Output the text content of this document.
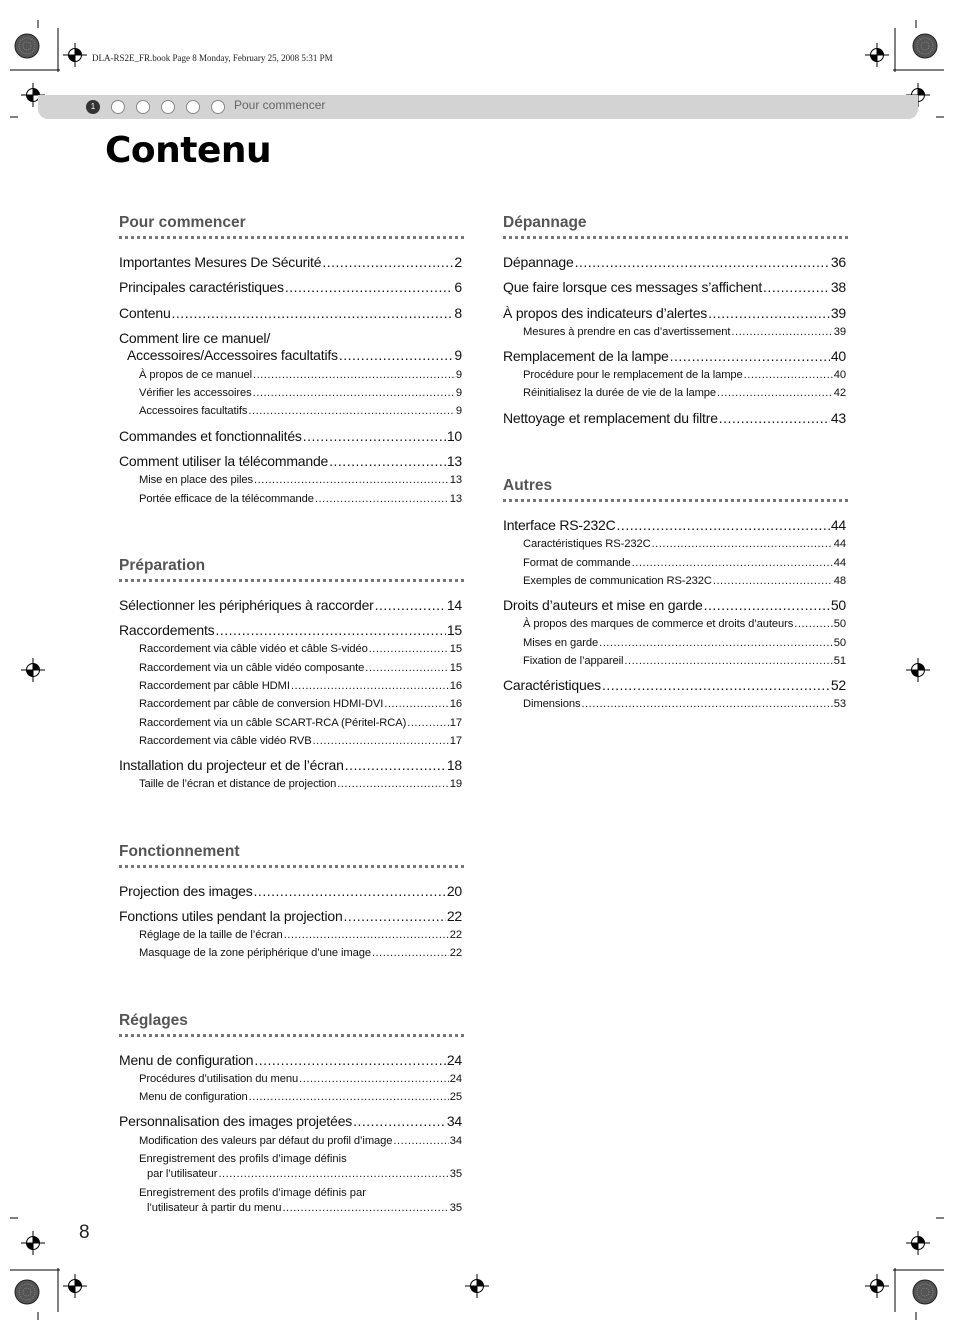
DLA-RS2E_FR.book Page 8 Monday, February 25, 2008 5:31 PM
1	Pour commencer
Contenu
Pour commencer
Importantes Mesures De Sécurité .....	2
Principales caractéristiques .....	6
Contenu .....	8
Comment lire ce manuel/
Accessoires/Accessoires facultatifs .....	9
À propos de ce manuel .....	9
Vérifier les accessoires .....	9
Accessoires facultatifs .....	9
Commandes et fonctionnalités .....	10
Comment utiliser la télécommande .....	13
Mise en place des piles .....	13
Portée efficace de la télécommande .....	13
Préparation
Sélectionner les périphériques à raccorder .....	14
Raccordements .....	15
Raccordement via câble vidéo et câble S-vidéo .....	15
Raccordement via un câble vidéo composante .....	15
Raccordement par câble HDMI .....	16
Raccordement par câble de conversion HDMI-DVI .....	16
Raccordement via un câble SCART-RCA (Péritel-RCA) .....	17
Raccordement via câble vidéo RVB .....	17
Installation du projecteur et de l’écran .....	18
Taille de l’écran et distance de projection .....	19
Fonctionnement
Projection des images .....	20
Fonctions utiles pendant la projection .....	22
Réglage de la taille de l’écran .....	22
Masquage de la zone périphérique d’une image .....	22
Réglages
Menu de configuration .....	24
Procédures d’utilisation du menu .....	24
Menu de configuration .....	25
Personnalisation des images projetées .....	34
Modification des valeurs par défaut du profil d’image .....	34
Enregistrement des profils d’image définis
par l’utilisateur .....	35
Enregistrement des profils d’image définis par
l’utilisateur à partir du menu .....	35
Dépannage
Dépannage .....	36
Que faire lorsque ces messages s’affichent .....	38
À propos des indicateurs d’alertes .....	39
Mesures à prendre en cas d’avertissement .....	39
Remplacement de la lampe .....	40
Procédure pour le remplacement de la lampe .....	40
Réinitialisez la durée de vie de la lampe .....	42
Nettoyage et remplacement du filtre .....	43
Autres
Interface RS-232C .....	44
Caractéristiques RS-232C .....	44
Format de commande .....	44
Exemples de communication RS-232C .....	48
Droits d’auteurs et mise en garde .....	50
À propos des marques de commerce et droits d’auteurs .....	50
Mises en garde .....	50
Fixation de l’appareil .....	51
Caractéristiques .....	52
Dimensions .....	53
8
